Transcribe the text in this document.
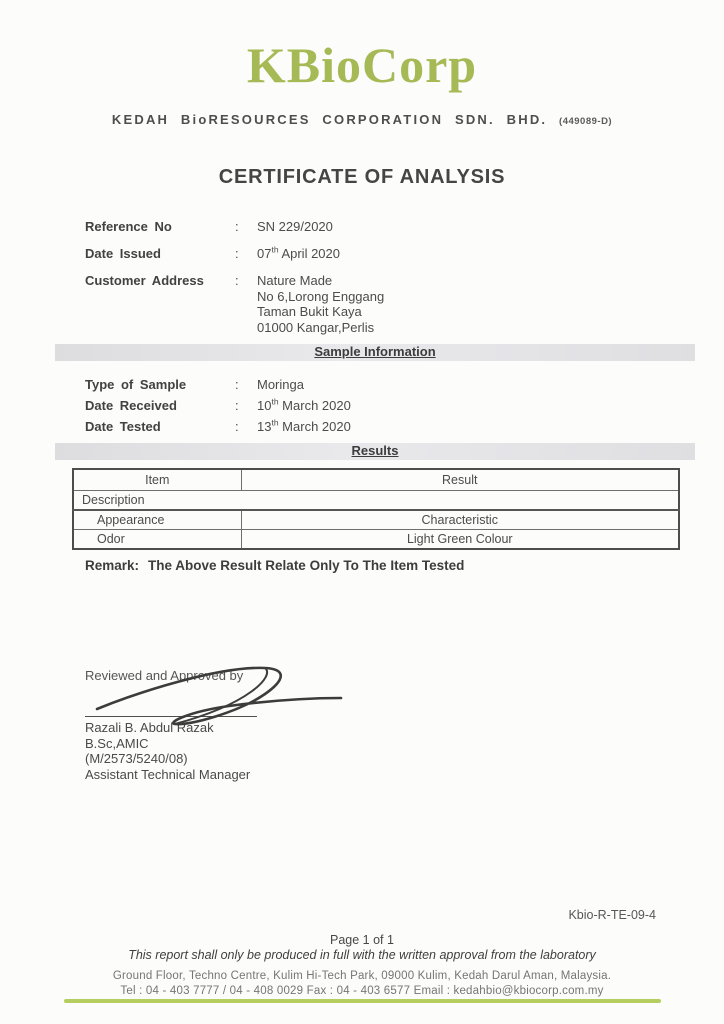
KBioCorp
KEDAH BioRESOURCES CORPORATION SDN. BHD. (449089-D)
CERTIFICATE OF ANALYSIS
Reference No	:	SN 229/2020
Date Issued	:	07th April 2020
Customer Address	:	Nature Made
No 6,Lorong Enggang
Taman Bukit Kaya
01000 Kangar,Perlis
Sample Information
Type of Sample	:	Moringa
Date Received	:	10th March 2020
Date Tested	:	13th March 2020
Results
Item	Result
Description	
Appearance	Characteristic
Odor	Light Green Colour
Remark: The Above Result Relate Only To The Item Tested
Reviewed and Approved by
Razali B. Abdul Razak
B.Sc,AMIC
(M/2573/5240/08)
Assistant Technical Manager
Kbio-R-TE-09-4
Page 1 of 1
This report shall only be produced in full with the written approval from the laboratory
Ground Floor, Techno Centre, Kulim Hi-Tech Park, 09000 Kulim, Kedah Darul Aman, Malaysia.
Tel : 04 - 403 7777 / 04 - 408 0029 Fax : 04 - 403 6577 Email : kedahbio@kbiocorp.com.my
